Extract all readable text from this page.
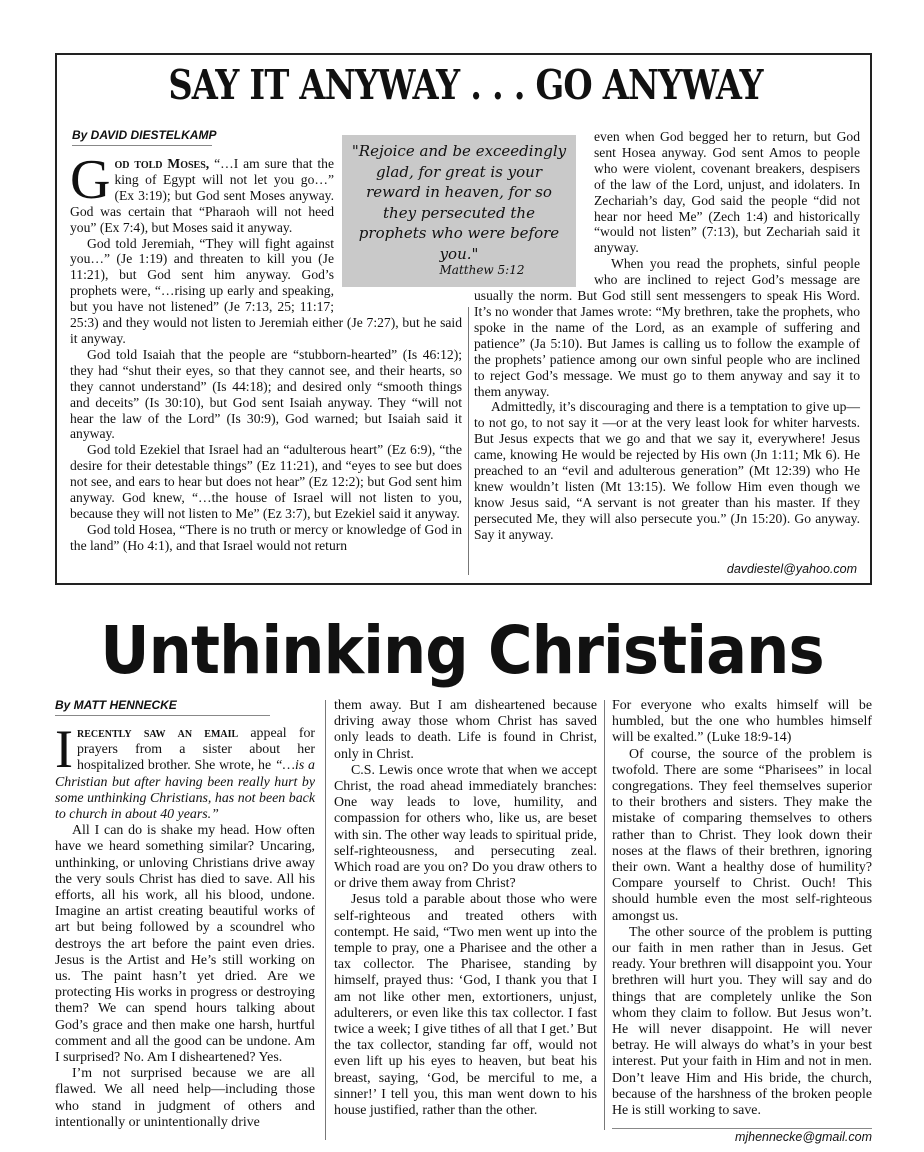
SAY IT ANYWAY . . . GO ANYWAY
By DAVID DIESTELKAMP
"Rejoice and be exceedingly glad, for great is your reward in heaven, for so they persecuted the prophets who were before you."
Matthew 5:12

God told Moses, “…I am sure that the king of Egypt will not let you go…” (Ex 3:19); but God sent Moses anyway. God was certain that “Pharaoh will not heed you” (Ex 7:4), but Moses said it anyway.

God told Jeremiah, “They will fight against you…” (Je 1:19) and threaten to kill you (Je 11:21), but God sent him anyway. God’s prophets were, “…rising up early and speaking, but you have not listened” (Je 7:13, 25; 11:17; 25:3) and they would not listen to Jeremiah either (Je 7:27), but he said it anyway.

God told Isaiah that the people are “stubborn-hearted” (Is 46:12); they had “shut their eyes, so that they cannot see, and their hearts, so they cannot understand” (Is 44:18); and desired only “smooth things and deceits” (Is 30:10), but God sent Isaiah anyway. They “will not hear the law of the Lord” (Is 30:9), God warned; but Isaiah said it anyway.

God told Ezekiel that Israel had an “adulterous heart” (Ez 6:9), “the desire for their detestable things” (Ez 11:21), and “eyes to see but does not see, and ears to hear but does not hear” (Ez 12:2); but God sent him anyway. God knew, “…the house of Israel will not listen to you, because they will not listen to Me” (Ez 3:7), but Ezekiel said it anyway.

God told Hosea, “There is no truth or mercy or knowledge of God in the land” (Ho 4:1), and that Israel would not return

even when God begged her to return, but God sent Hosea anyway. God sent Amos to people who were violent, covenant breakers, despisers of the law of the Lord, unjust, and idolaters. In Zechariah’s day, God said the people “did not hear nor heed Me” (Zech 1:4) and historically “would not listen” (7:13), but Zechariah said it anyway.

When you read the prophets, sinful people who are inclined to reject God’s message are usually the norm. But God still sent messengers to speak His Word. It’s no wonder that James wrote: “My brethren, take the prophets, who spoke in the name of the Lord, as an example of suffering and patience” (Ja 5:10). But James is calling us to follow the example of the prophets’ patience among our own sinful people who are inclined to reject God’s message. We must go to them anyway and say it to them anyway.

Admittedly, it’s discouraging and there is a temptation to give up—to not go, to not say it —or at the very least look for whiter harvests. But Jesus expects that we go and that we say it, everywhere! Jesus came, knowing He would be rejected by His own (Jn 1:11; Mk 6). He preached to an “evil and adulterous generation” (Mt 12:39) who He knew wouldn’t listen (Mt 13:15). We follow Him even though we know Jesus said, “A servant is not greater than his master. If they persecuted Me, they will also persecute you.” (Jn 15:20). Go anyway. Say it anyway.

davdiestel@yahoo.com
Unthinking Christians
By MATT HENNECKE

Irecently saw an email appeal for prayers from a sister about her hospitalized brother. She wrote, he “…is a Christian but after having been really hurt by some unthinking Christians, has not been back to church in about 40 years.”

All I can do is shake my head. How often have we heard something similar? Uncaring, unthinking, or unloving Christians drive away the very souls Christ has died to save. All his efforts, all his work, all his blood, undone. Imagine an artist creating beautiful works of art but being followed by a scoundrel who destroys the art before the paint even dries. Jesus is the Artist and He’s still working on us. The paint hasn’t yet dried. Are we protecting His works in progress or destroying them? We can spend hours talking about God’s grace and then make one harsh, hurtful comment and all the good can be undone. Am I surprised? No. Am I disheartened? Yes.

I’m not surprised because we are all flawed. We all need help—including those who stand in judgment of others and intentionally or unintentionally drive

them away. But I am disheartened because driving away those whom Christ has saved only leads to death. Life is found in Christ, only in Christ.

C.S. Lewis once wrote that when we accept Christ, the road ahead immediately branches: One way leads to love, humility, and compassion for others who, like us, are beset with sin. The other way leads to spiritual pride, self-righteousness, and persecuting zeal. Which road are you on? Do you draw others to or drive them away from Christ?

Jesus told a parable about those who were self-righteous and treated others with contempt. He said, “Two men went up into the temple to pray, one a Pharisee and the other a tax collector. The Pharisee, standing by himself, prayed thus: ‘God, I thank you that I am not like other men, extortioners, unjust, adulterers, or even like this tax collector. I fast twice a week; I give tithes of all that I get.’ But the tax collector, standing far off, would not even lift up his eyes to heaven, but beat his breast, saying, ‘God, be merciful to me, a sinner!’ I tell you, this man went down to his house justified, rather than the other.

For everyone who exalts himself will be humbled, but the one who humbles himself will be exalted.” (Luke 18:9-14)

Of course, the source of the problem is twofold. There are some “Pharisees” in local congregations. They feel themselves superior to their brothers and sisters. They make the mistake of comparing themselves to others rather than to Christ. They look down their noses at the flaws of their brethren, ignoring their own. Want a healthy dose of humility? Compare yourself to Christ. Ouch! This should humble even the most self-righteous amongst us.

The other source of the problem is putting our faith in men rather than in Jesus. Get ready. Your brethren will disappoint you. Your brethren will hurt you. They will say and do things that are completely unlike the Son whom they claim to follow. But Jesus won’t. He will never disappoint. He will never betray. He will always do what’s in your best interest. Put your faith in Him and not in men. Don’t leave Him and His bride, the church, because of the harshness of the broken people He is still working to save.

mjhennecke@gmail.com
